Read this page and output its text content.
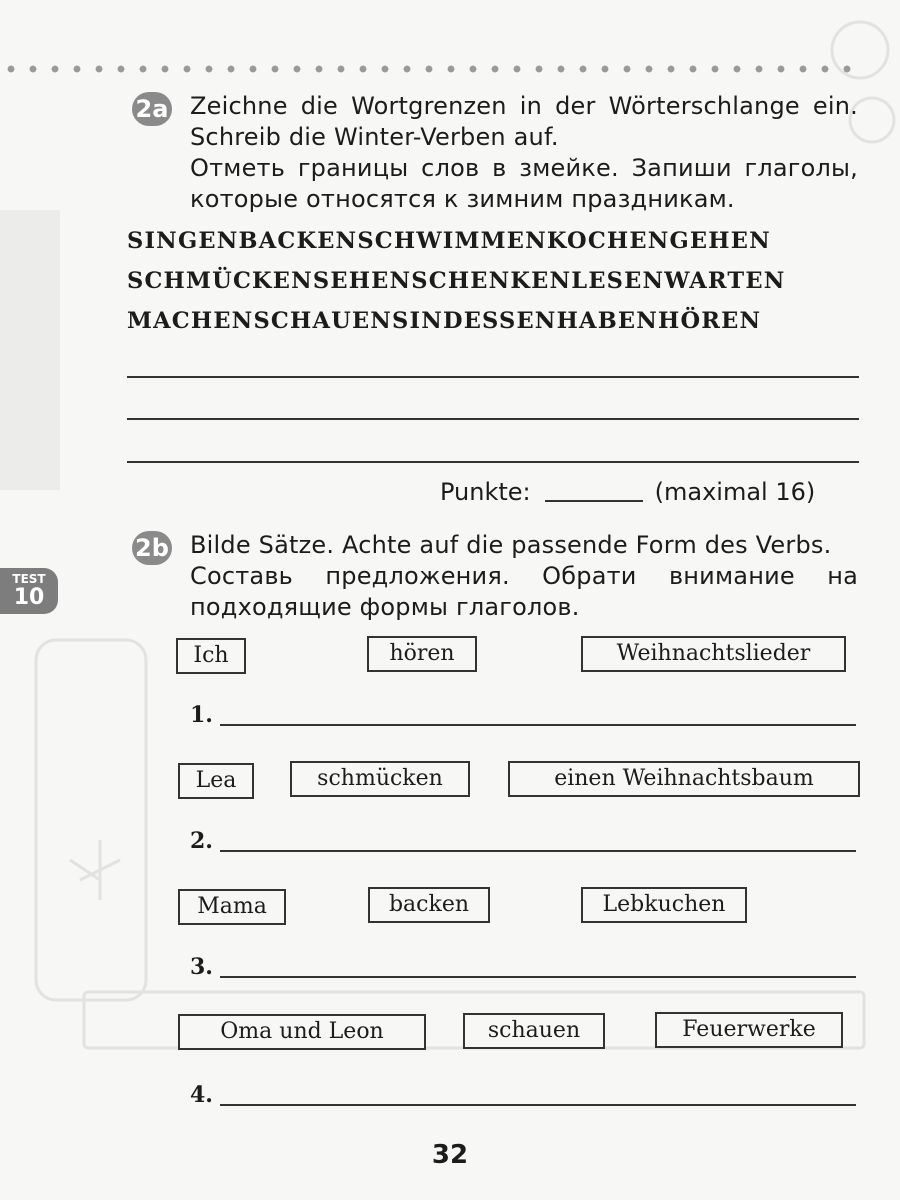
2a Zeichne die Wortgrenzen in der Wörterschlange ein. Schreib die Winter-Verben auf.

Отметь границы слов в змейке. Запиши глаголы, которые относятся к зимним праздникам.

SINGENBACKENSCHWIMMENKOCHENGEHEN
SCHMÜCKENSEHENSCHENKENLESENWARTEN
MACHENSCHAUENSINDESSENHABENHÖREN
Punkte:	(maximal 16)
TEST
10
2b Bilde Sätze. Achte auf die passende Form des Verbs.

Составь предложения. Обрати внимание на подходящие формы глаголов.

Ich	hören	Weihnachtslieder
1.
Lea	schmücken	einen Weihnachtsbaum
2.
Mama	backen	Lebkuchen
3.
Oma und Leon	schauen	Feuerwerke
4.
32
